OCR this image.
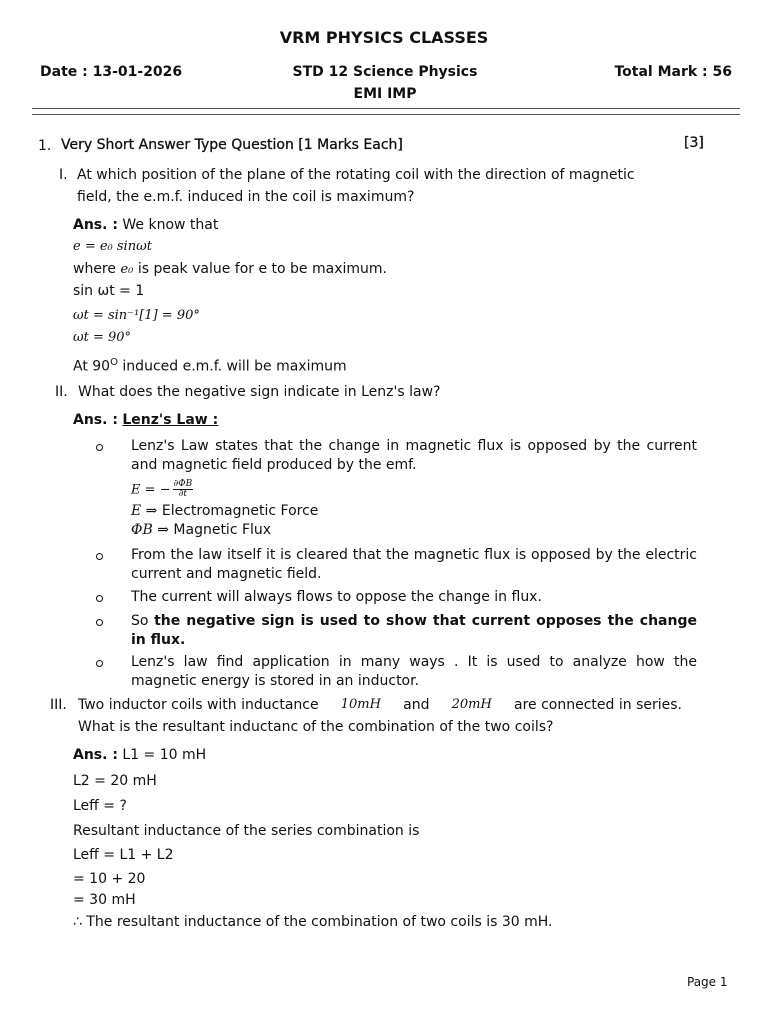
VRM PHYSICS CLASSES
Date : 13-01-2026	STD 12 Science Physics
EMI IMP
Total Mark : 56
1. Very Short Answer Type Question [1 Marks Each]	[3]
I. At which position of the plane of the rotating coil with the direction of magnetic
field, the e.m.f. induced in the coil is maximum?
Ans. : We know that
e = e₀ sinωt
where e₀ is peak value for e to be maximum.
sin ωt = 1
ωt = sin⁻¹[1] = 90°
ωt = 90°
At $90^O$ induced e.m.f. will be maximum
II. What does the negative sign indicate in Lenz's law?
Ans. : Lenz's Law :
Lenz's Law states that the change in magnetic flux is opposed by the current and magnetic field produced by the emf.
E = − $\frac{\partial\Phi B}{\partial t}$
E ⇒ Electromagnetic Force
ΦB ⇒ Magnetic Flux
From the law itself it is cleared that the magnetic flux is opposed by the electric current and magnetic field.
The current will always flows to oppose the change in flux.
So the negative sign is used to show that current opposes the change in flux.
Lenz's law find application in many ways . It is used to analyze how the magnetic energy is stored in an inductor.
III. Two inductor coils with inductance 10mH and 20mH are connected in series.
What is the resultant inductanc of the combination of the two coils?
Ans. : L1 = 10 mH
L2 = 20 mH
Leff = ?
Resultant inductance of the series combination is
Leff = L1 + L2
= 10 + 20
= 30 mH
∴ The resultant inductance of the combination of two coils is 30 mH.
Page 1
